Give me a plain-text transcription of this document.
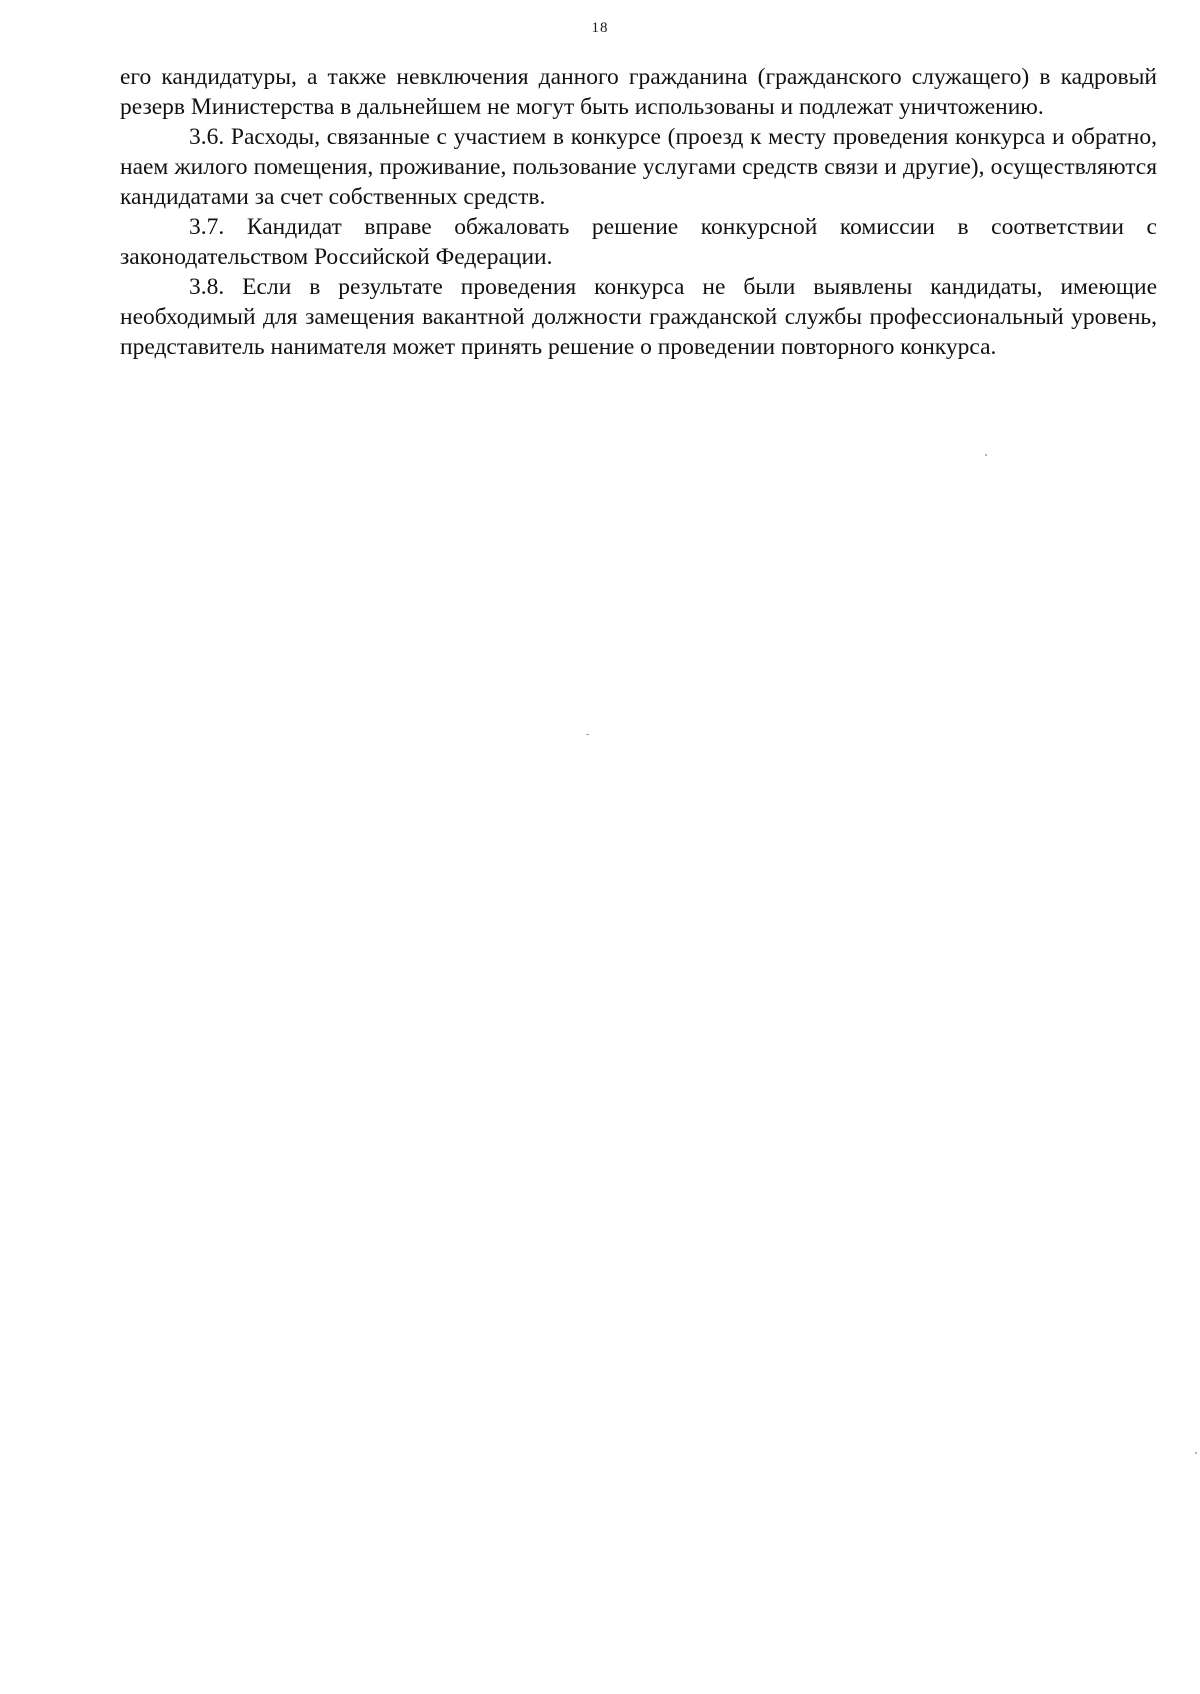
18

его кандидатуры, а также невключения данного гражданина (гражданского служащего) в кадровый резерв Министерства в дальнейшем не могут быть использованы и подлежат уничтожению.

3.6. Расходы, связанные с участием в конкурсе (проезд к месту проведения конкурса и обратно, наем жилого помещения, проживание, пользование услугами средств связи и другие), осуществляются кандидатами за счет собственных средств.

3.7. Кандидат вправе обжаловать решение конкурсной комиссии в соответствии с законодательством Российской Федерации.

3.8. Если в результате проведения конкурса не были выявлены кандидаты, имеющие необходимый для замещения вакантной должности гражданской службы профессиональный уровень, представитель нанимателя может принять решение о проведении повторного конкурса.
